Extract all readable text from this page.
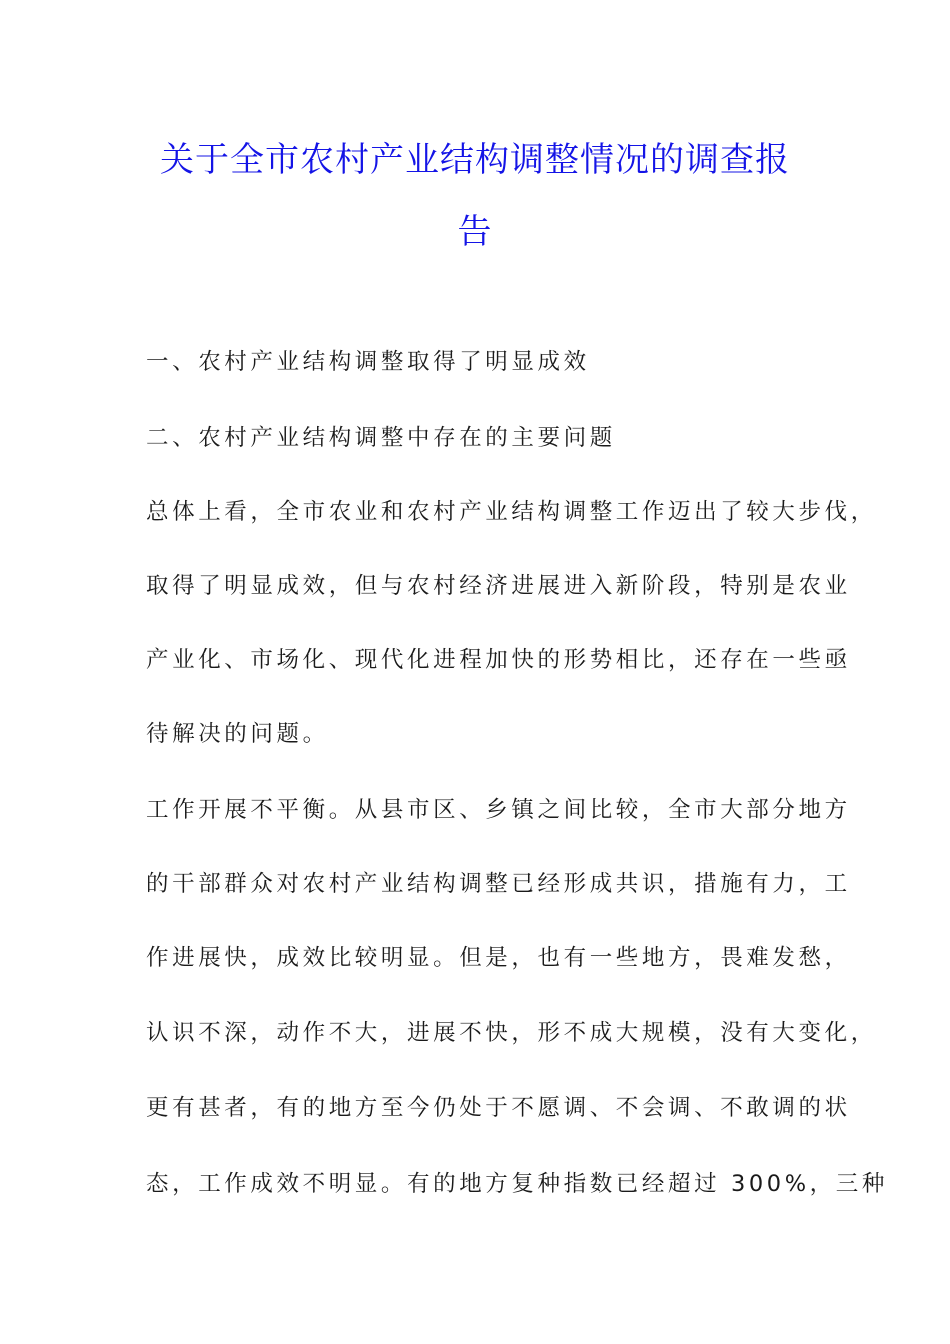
关于全市农村产业结构调整情况的调查报
告
一、农村产业结构调整取得了明显成效
二、农村产业结构调整中存在的主要问题
总体上看，全市农业和农村产业结构调整工作迈出了较大步伐，
取得了明显成效，但与农村经济进展进入新阶段，特别是农业
产业化、市场化、现代化进程加快的形势相比，还存在一些亟
待解决的问题。
工作开展不平衡。从县市区、乡镇之间比较，全市大部分地方
的干部群众对农村产业结构调整已经形成共识，措施有力，工
作进展快，成效比较明显。但是，也有一些地方，畏难发愁，
认识不深，动作不大，进展不快，形不成大规模，没有大变化，
更有甚者，有的地方至今仍处于不愿调、不会调、不敢调的状
态，工作成效不明显。有的地方复种指数已经超过 300%，三种
